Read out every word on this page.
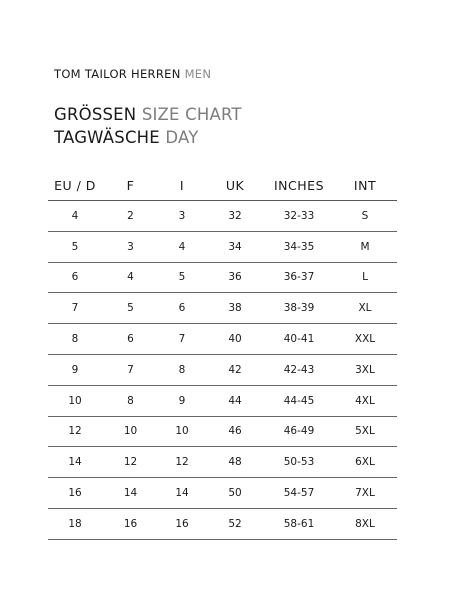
TOM TAILOR HERREN MEN
GRÖSSEN SIZE CHART
TAGWÄSCHE DAY
EU / D	F	I	UK	INCHES	INT
4	2	3	32	32-33	S
5	3	4	34	34-35	M
6	4	5	36	36-37	L
7	5	6	38	38-39	XL
8	6	7	40	40-41	XXL
9	7	8	42	42-43	3XL
10	8	9	44	44-45	4XL
12	10	10	46	46-49	5XL
14	12	12	48	50-53	6XL
16	14	14	50	54-57	7XL
18	16	16	52	58-61	8XL
